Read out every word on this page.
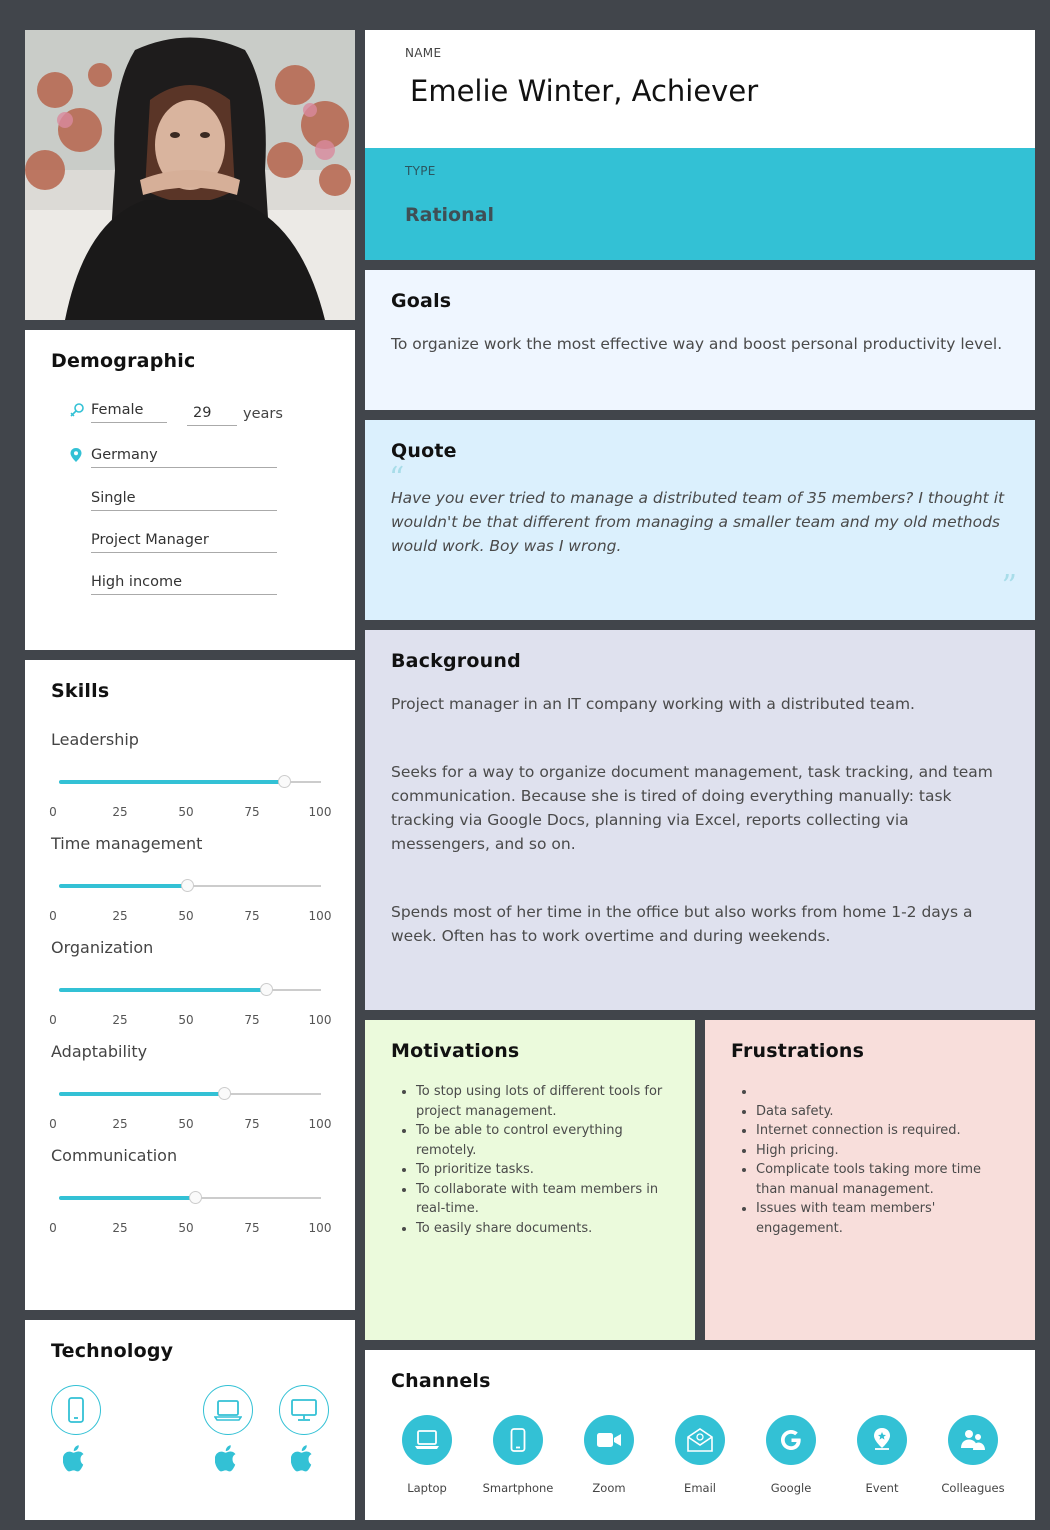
NAME
Emelie Winter, Achiever
TYPE
Rational
Goals

To organize work the most effective way and boost personal productivity level.

Quote
“

Have you ever tried to manage a distributed team of 35 members? I thought it wouldn't be that different from managing a smaller team and my old methods would work. Boy was I wrong.

”
Background

Project manager in an IT company working with a distributed team.

Seeks for a way to organize document management, task tracking, and team communication. Because she is tired of doing everything manually: task tracking via Google Docs, planning via Excel, reports collecting via messengers, and so on.

Spends most of her time in the office but also works from home 1-2 days a week. Often has to work overtime and during weekends.

Motivations
• To stop using lots of different tools for project management.
• To be able to control everything remotely.
• To prioritize tasks.
• To collaborate with team members in real-time.
• To easily share documents.
Frustrations
•
• Data safety.
• Internet connection is required.
• High pricing.
• Complicate tools taking more time than manual management.
• Issues with team members' engagement.
Demographic
Female	29	years
Germany
Single
Project Manager
High income
Skills
Leadership
0	25	50	75	100
Time management
0	25	50	75	100
Organization
0	25	50	75	100
Adaptability
0	25	50	75	100
Communication
0	25	50	75	100
Technology
Channels
Laptop	Smartphone	Zoom	Email	Google	Event	Colleagues
